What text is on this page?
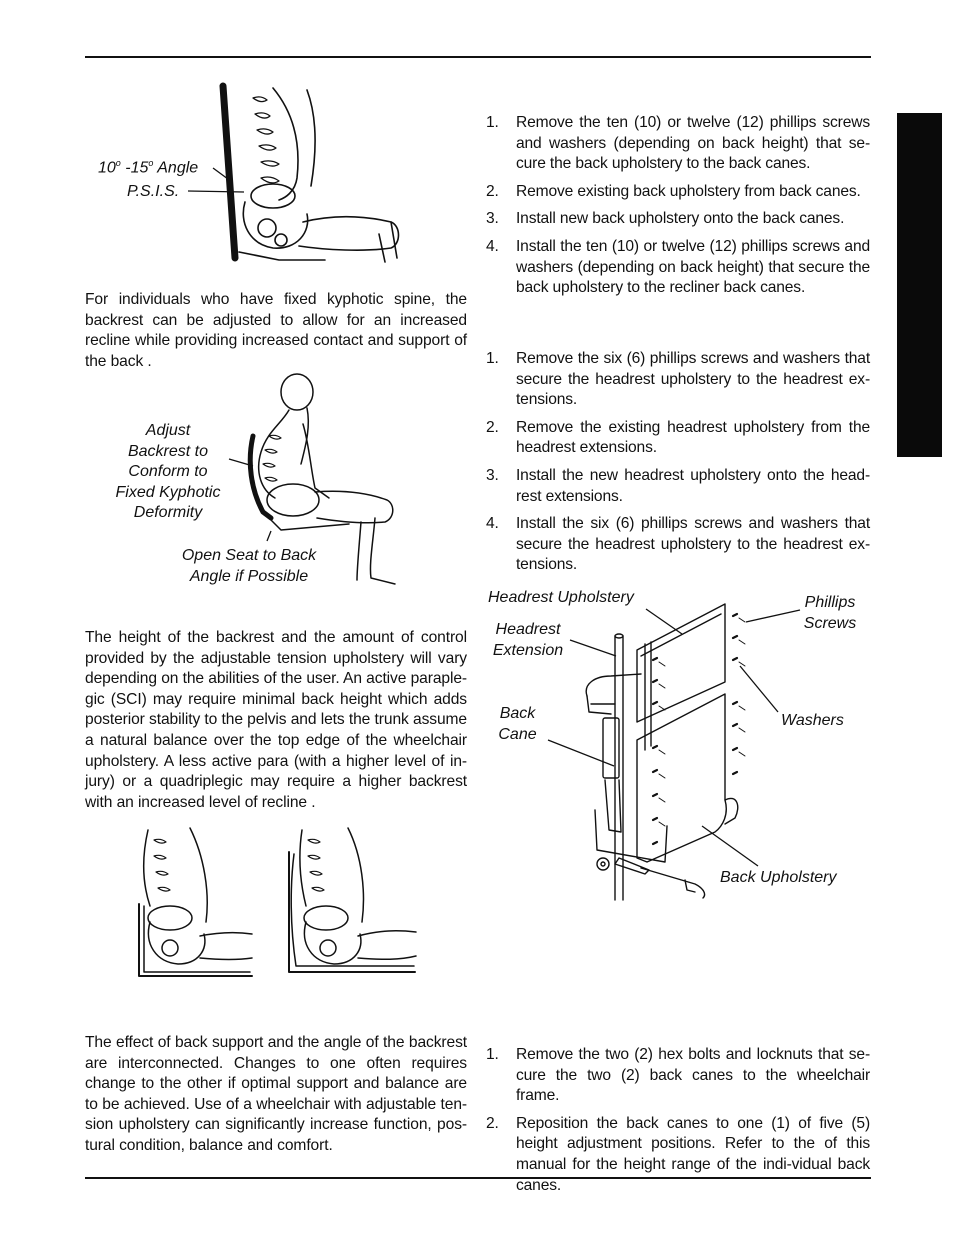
10$^o$ -15$^o$ Angle
P.S.I.S.

For individuals who have fixed kyphotic spine, the backrest can be adjusted to allow for an increased recline while providing increased contact and support of the back .

Adjust
Backrest to
Conform to
Fixed Kyphotic
Deformity
Open Seat to Back
Angle if Possible

The height of the backrest and the amount of control provided by the adjustable tension upholstery will vary depending on the abilities of the user. An active paraple-gic (SCI) may require minimal back height which adds posterior stability to the pelvis and lets the trunk assume a natural balance over the top edge of the wheelchair upholstery. A less active para (with a higher level of in-jury) or a quadriplegic may require a higher backrest with an increased level of recline .

The effect of back support and the angle of the backrest are interconnected. Changes to one often requires change to the other if optimal support and balance are to be achieved. Use of a wheelchair with adjustable ten-sion upholstery can significantly increase function, pos-tural condition, balance and comfort.

1. Remove the ten (10) or twelve (12) phillips screws and washers (depending on back height) that se-cure the back upholstery to the back canes.
2. Remove existing back upholstery from back canes.
3. Install new back upholstery onto the back canes.
4. Install the ten (10) or twelve (12) phillips screws and washers (depending on back height) that secure the back upholstery to the recliner back canes.
1. Remove the six (6) phillips screws and washers that secure the headrest upholstery to the headrest ex-tensions.
2. Remove the existing headrest upholstery from the headrest extensions.
3. Install the new headrest upholstery onto the head-rest extensions.
4. Install the six (6) phillips screws and washers that secure the headrest upholstery to the headrest ex-tensions.
Headrest Upholstery
Headrest
Extension
Back
Cane
Phillips
Screws
Washers
Back Upholstery
1. Remove the two (2) hex bolts and locknuts that se-cure the two (2) back canes to the wheelchair frame.
2. Reposition the back canes to one (1) of five (5) height adjustment positions. Refer to the of this manual for the height range of the indi-vidual back canes.
